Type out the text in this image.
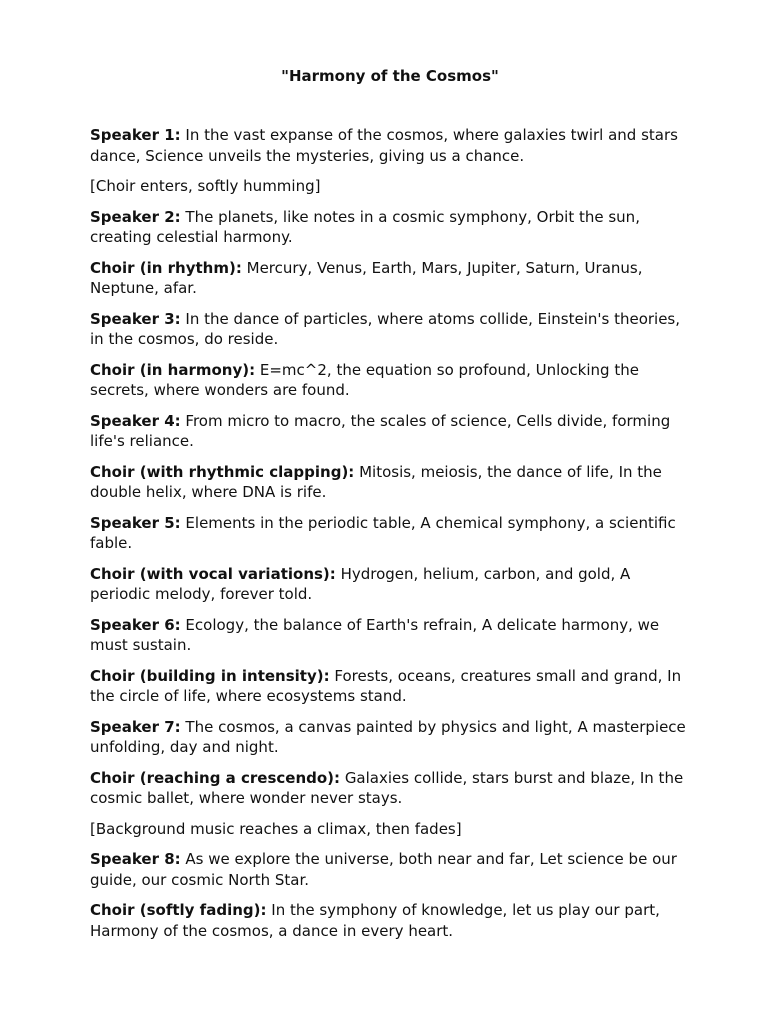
"Harmony of the Cosmos"

Speaker 1: In the vast expanse of the cosmos, where galaxies twirl and stars dance, Science unveils the mysteries, giving us a chance.

[Choir enters, softly humming]

Speaker 2: The planets, like notes in a cosmic symphony, Orbit the sun, creating celestial harmony.

Choir (in rhythm): Mercury, Venus, Earth, Mars, Jupiter, Saturn, Uranus, Neptune, afar.

Speaker 3: In the dance of particles, where atoms collide, Einstein's theories, in the cosmos, do reside.

Choir (in harmony): E=mc^2, the equation so profound, Unlocking the secrets, where wonders are found.

Speaker 4: From micro to macro, the scales of science, Cells divide, forming life's reliance.

Choir (with rhythmic clapping): Mitosis, meiosis, the dance of life, In the double helix, where DNA is rife.

Speaker 5: Elements in the periodic table, A chemical symphony, a scientific fable.

Choir (with vocal variations): Hydrogen, helium, carbon, and gold, A periodic melody, forever told.

Speaker 6: Ecology, the balance of Earth's refrain, A delicate harmony, we must sustain.

Choir (building in intensity): Forests, oceans, creatures small and grand, In the circle of life, where ecosystems stand.

Speaker 7: The cosmos, a canvas painted by physics and light, A masterpiece unfolding, day and night.

Choir (reaching a crescendo): Galaxies collide, stars burst and blaze, In the cosmic ballet, where wonder never stays.

[Background music reaches a climax, then fades]

Speaker 8: As we explore the universe, both near and far, Let science be our guide, our cosmic North Star.

Choir (softly fading): In the symphony of knowledge, let us play our part, Harmony of the cosmos, a dance in every heart.
